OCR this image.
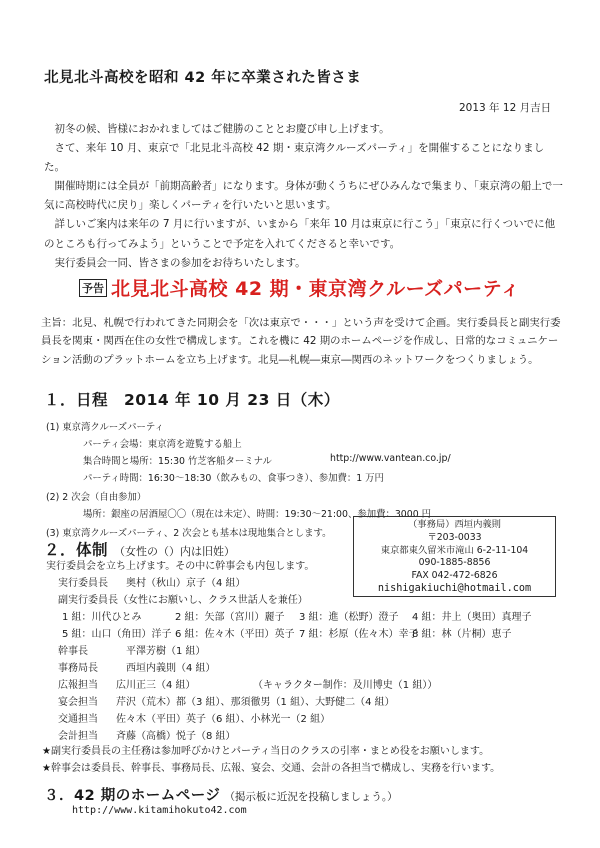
北見北斗高校を昭和 42 年に卒業された皆さま
2013 年 12 月吉日

初冬の候、皆様におかれましてはご健勝のこととお慶び申し上げます。

さて、来年 10 月、東京で「北見北斗高校 42 期・東京湾クルーズパーティ」を開催することになりました。

開催時期には全員が「前期高齢者」になります。身体が動くうちにぜひみんなで集まり、「東京湾の船上で一気に高校時代に戻り」楽しくパーティを行いたいと思います。

詳しいご案内は来年の 7 月に行いますが、いまから「来年 10 月は東京に行こう」「東京に行くついでに他のところも行ってみよう」ということで予定を入れてくださると幸いです。

実行委員会一同、皆さまの参加をお待ちいたします。

予告 北見北斗高校 42 期・東京湾クルーズパーティ

主旨：北見、札幌で行われてきた同期会を「次は東京で・・・」という声を受けて企画。実行委員長と副実行委員長を関東・関西在住の女性で構成します。これを機に 42 期のホームページを作成し、日常的なコミュニケーション活動のプラットホームを立ち上げます。北見―札幌―東京―関西のネットワークをつくりましょう。

１．日程　2014 年 10 月 23 日（木）
(1) 東京湾クルーズパーティ
パーティ会場：東京湾を遊覧する船上
集合時間と場所：15:30 竹芝客船ターミナル	http://www.vantean.co.jp/
パーティ時間：16:30～18:30（飲みもの、食事つき）、参加費：1 万円
(2) 2 次会（自由参加）
場所：銀座の居酒屋〇〇（現在は未定）、時間：19:30～21:00、参加費：3000 円
(3) 東京湾クルーズパーティ、2 次会とも基本は現地集合とします。
（事務局）西垣内義則
〒203-0033
東京都東久留米市滝山 6-2-11-104
090-1885-8856
FAX 042-472-6826
nishigakiuchi@hotmail.com
２．体制 （女性の（）内は旧姓）
実行委員会を立ち上げます。その中に幹事会も内包します。
実行委員長 奥村（秋山）京子（4 組）
副実行委員長（女性にお願いし、クラス世話人を兼任）
1 組：川代ひとみ	2 組：矢部（宮川）麗子 3 組：進（松野）澄子 4 組：井上（奥田）真理子
5 組：山口（角田）洋子 6 組：佐々木（平田）英子 7 組：杉原（佐々木）幸子
8 組：林（片桐）恵子
幹事長	平澤芳樹（1 組）
事務局長	西垣内義則（4 組）
広報担当 広川正三（4 組）	（キャラクター制作：及川博史（1 組））
宴会担当 芹沢（荒木）都（3 組）、那須徹男（1 組）、大野健二（4 組）
交通担当 佐々木（平田）英子（6 組）、小林光一（2 組）
会計担当 斉藤（高橋）悦子（8 組）
★副実行委員長の主任務は参加呼びかけとパーティ当日のクラスの引率・まとめ役をお願いします。
★幹事会は委員長、幹事長、事務局長、広報、宴会、交通、会計の各担当で構成し、実務を行います。
３．42 期のホームページ （掲示板に近況を投稿しましょう。）
http://www.kitamihokuto42.com
